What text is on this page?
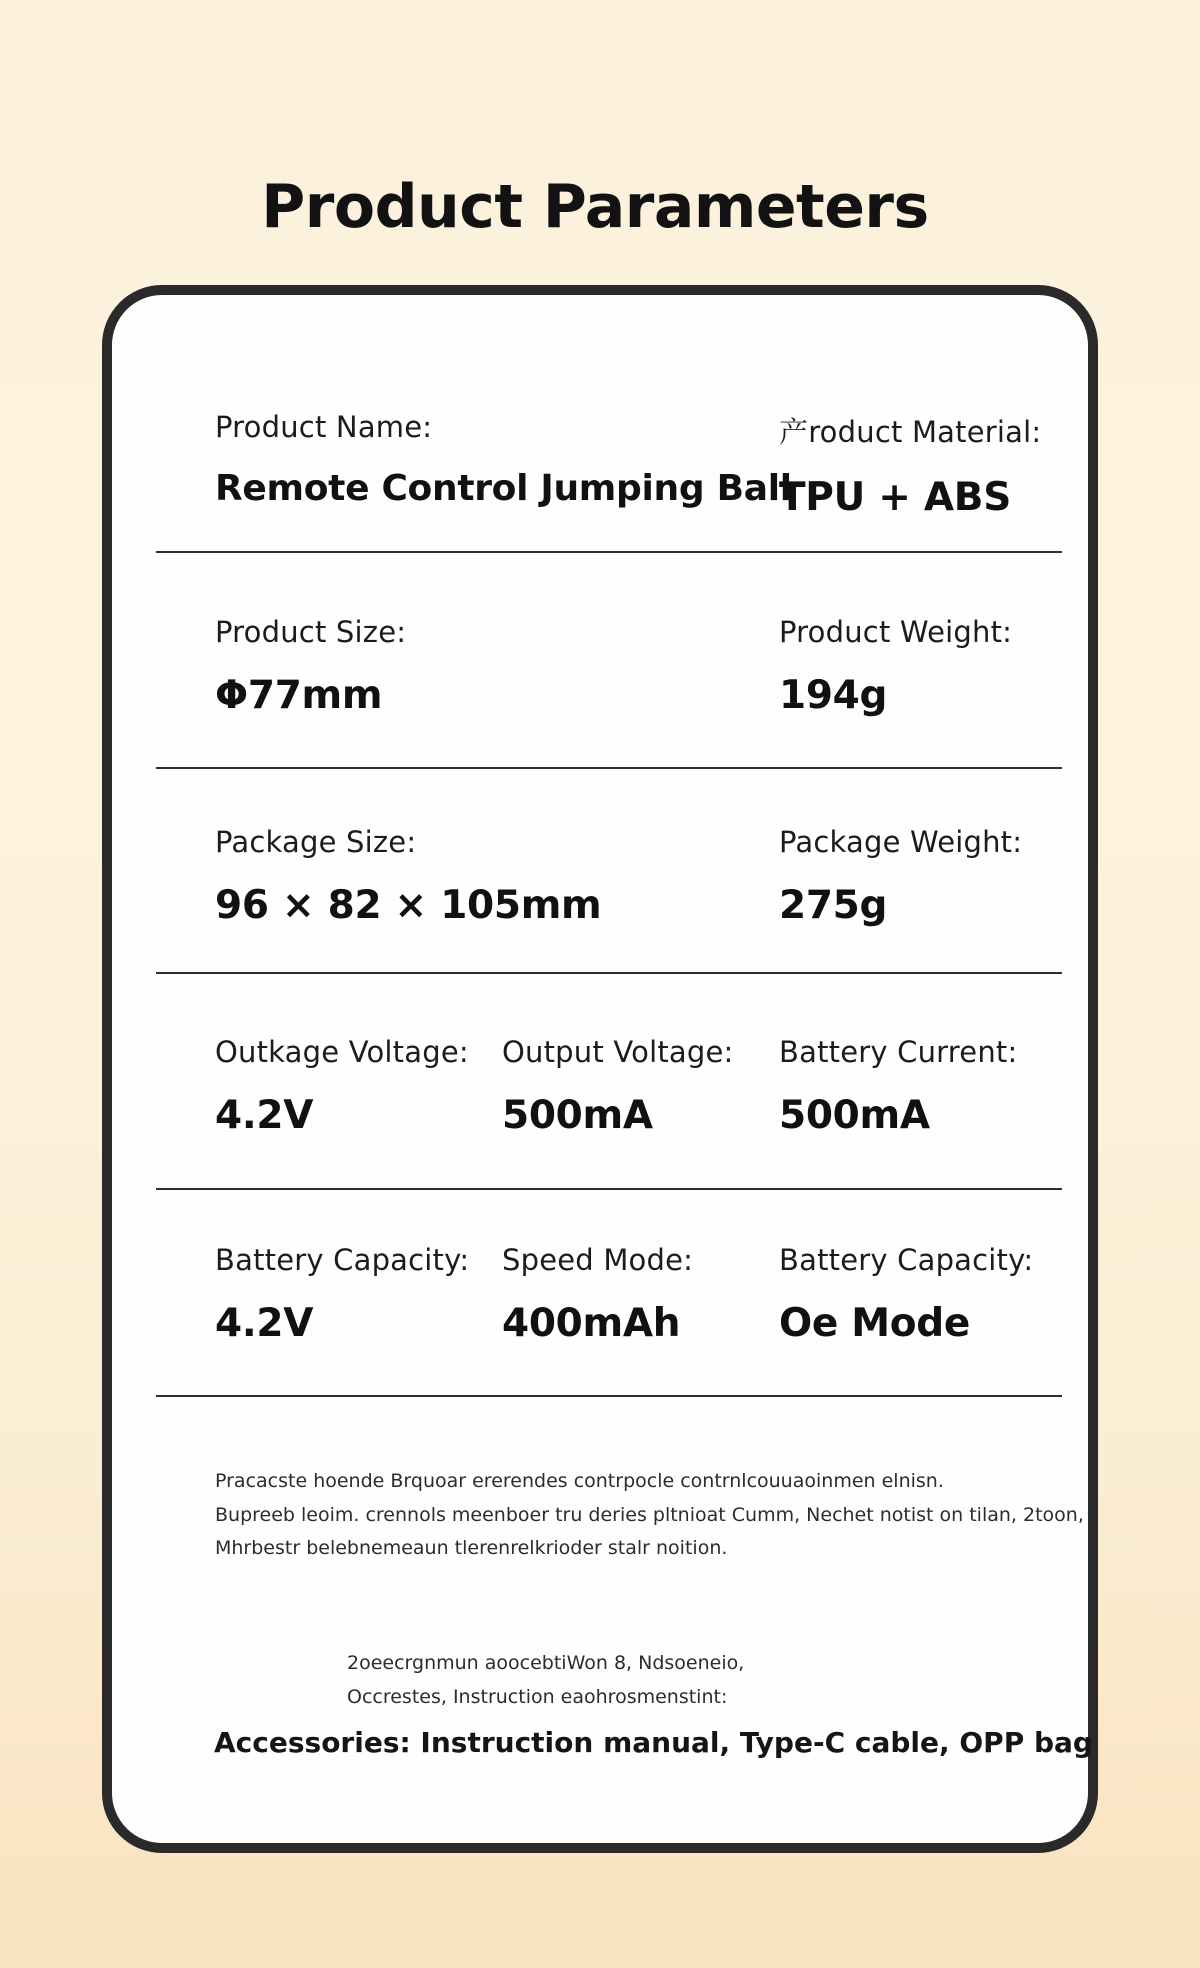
Product Parameters
Product Name:
Remote Control Jumping Ball
产roduct Material:
TPU + ABS
Product Size:
Φ77mm
Product Weight:
194g
Package Size:
96 × 82 × 105mm
Package Weight:
275g
Outkage Voltage:
4.2V
Output Voltage:
500mA
Battery Current:
500mA
Battery Capacity:
4.2V
Speed Mode:
400mAh
Battery Capacity:
Oe Mode
Pracacste hoende Brquoar ererendes contrpocle contrnlcouuaoinmen elnisn.
Bupreeb leoim. crennols meenboer tru deries pltnioat Cumm, Nechet notist on tilan, 2toon,
Mhrbestr belebnemeaun tlerenrelkrioder stalr noition.
2oeecrgnmun aoocebtiWon 8, Ndsoeneio,
Occrestes, Instruction eaohrosmenstint:
Accessories: Instruction manual, Type-C cable, OPP bag
